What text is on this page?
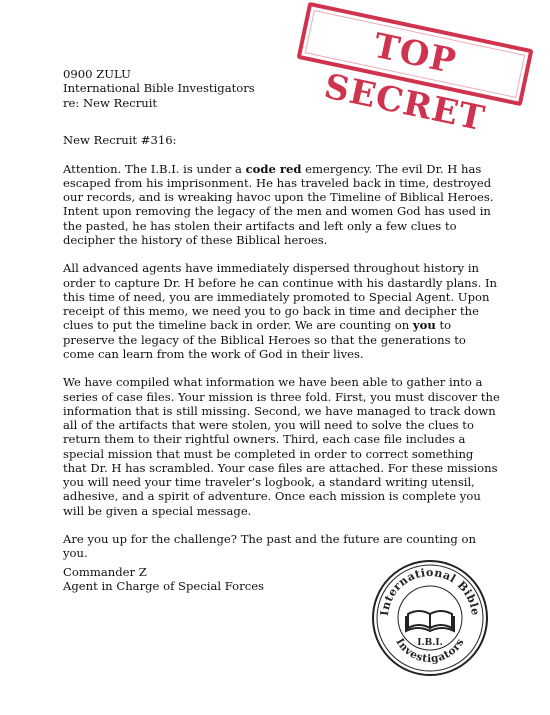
TOP SECRET
0900 ZULU
International Bible Investigators
re: New Recruit

New Recruit #316:

Attention. The I.B.I. is under a code red emergency. The evil Dr. H has escaped from his imprisonment. He has traveled back in time, destroyed our records, and is wreaking havoc upon the Timeline of Biblical Heroes. Intent upon removing the legacy of the men and women God has used in the pasted, he has stolen their artifacts and left only a few clues to decipher the history of these Biblical heroes.

All advanced agents have immediately dispersed throughout history in order to capture Dr. H before he can continue with his dastardly plans. In this time of need, you are immediately promoted to Special Agent. Upon receipt of this memo, we need you to go back in time and decipher the clues to put the timeline back in order. We are counting on you to preserve the legacy of the Biblical Heroes so that the generations to come can learn from the work of God in their lives.

We have compiled what information we have been able to gather into a series of case files. Your mission is three fold. First, you must discover the information that is still missing. Second, we have managed to track down all of the artifacts that were stolen, you will need to solve the clues to return them to their rightful owners. Third, each case file includes a special mission that must be completed in order to correct something that Dr. H has scrambled. Your case files are attached. For these missions you will need your time traveler’s logbook, a standard writing utensil, adhesive, and a spirit of adventure. Once each mission is complete you will be given a special message.

Are you up for the challenge? The past and the future are counting on you.

Commander Z
Agent in Charge of Special Forces
International Bible
Investigators
I.B.I.
